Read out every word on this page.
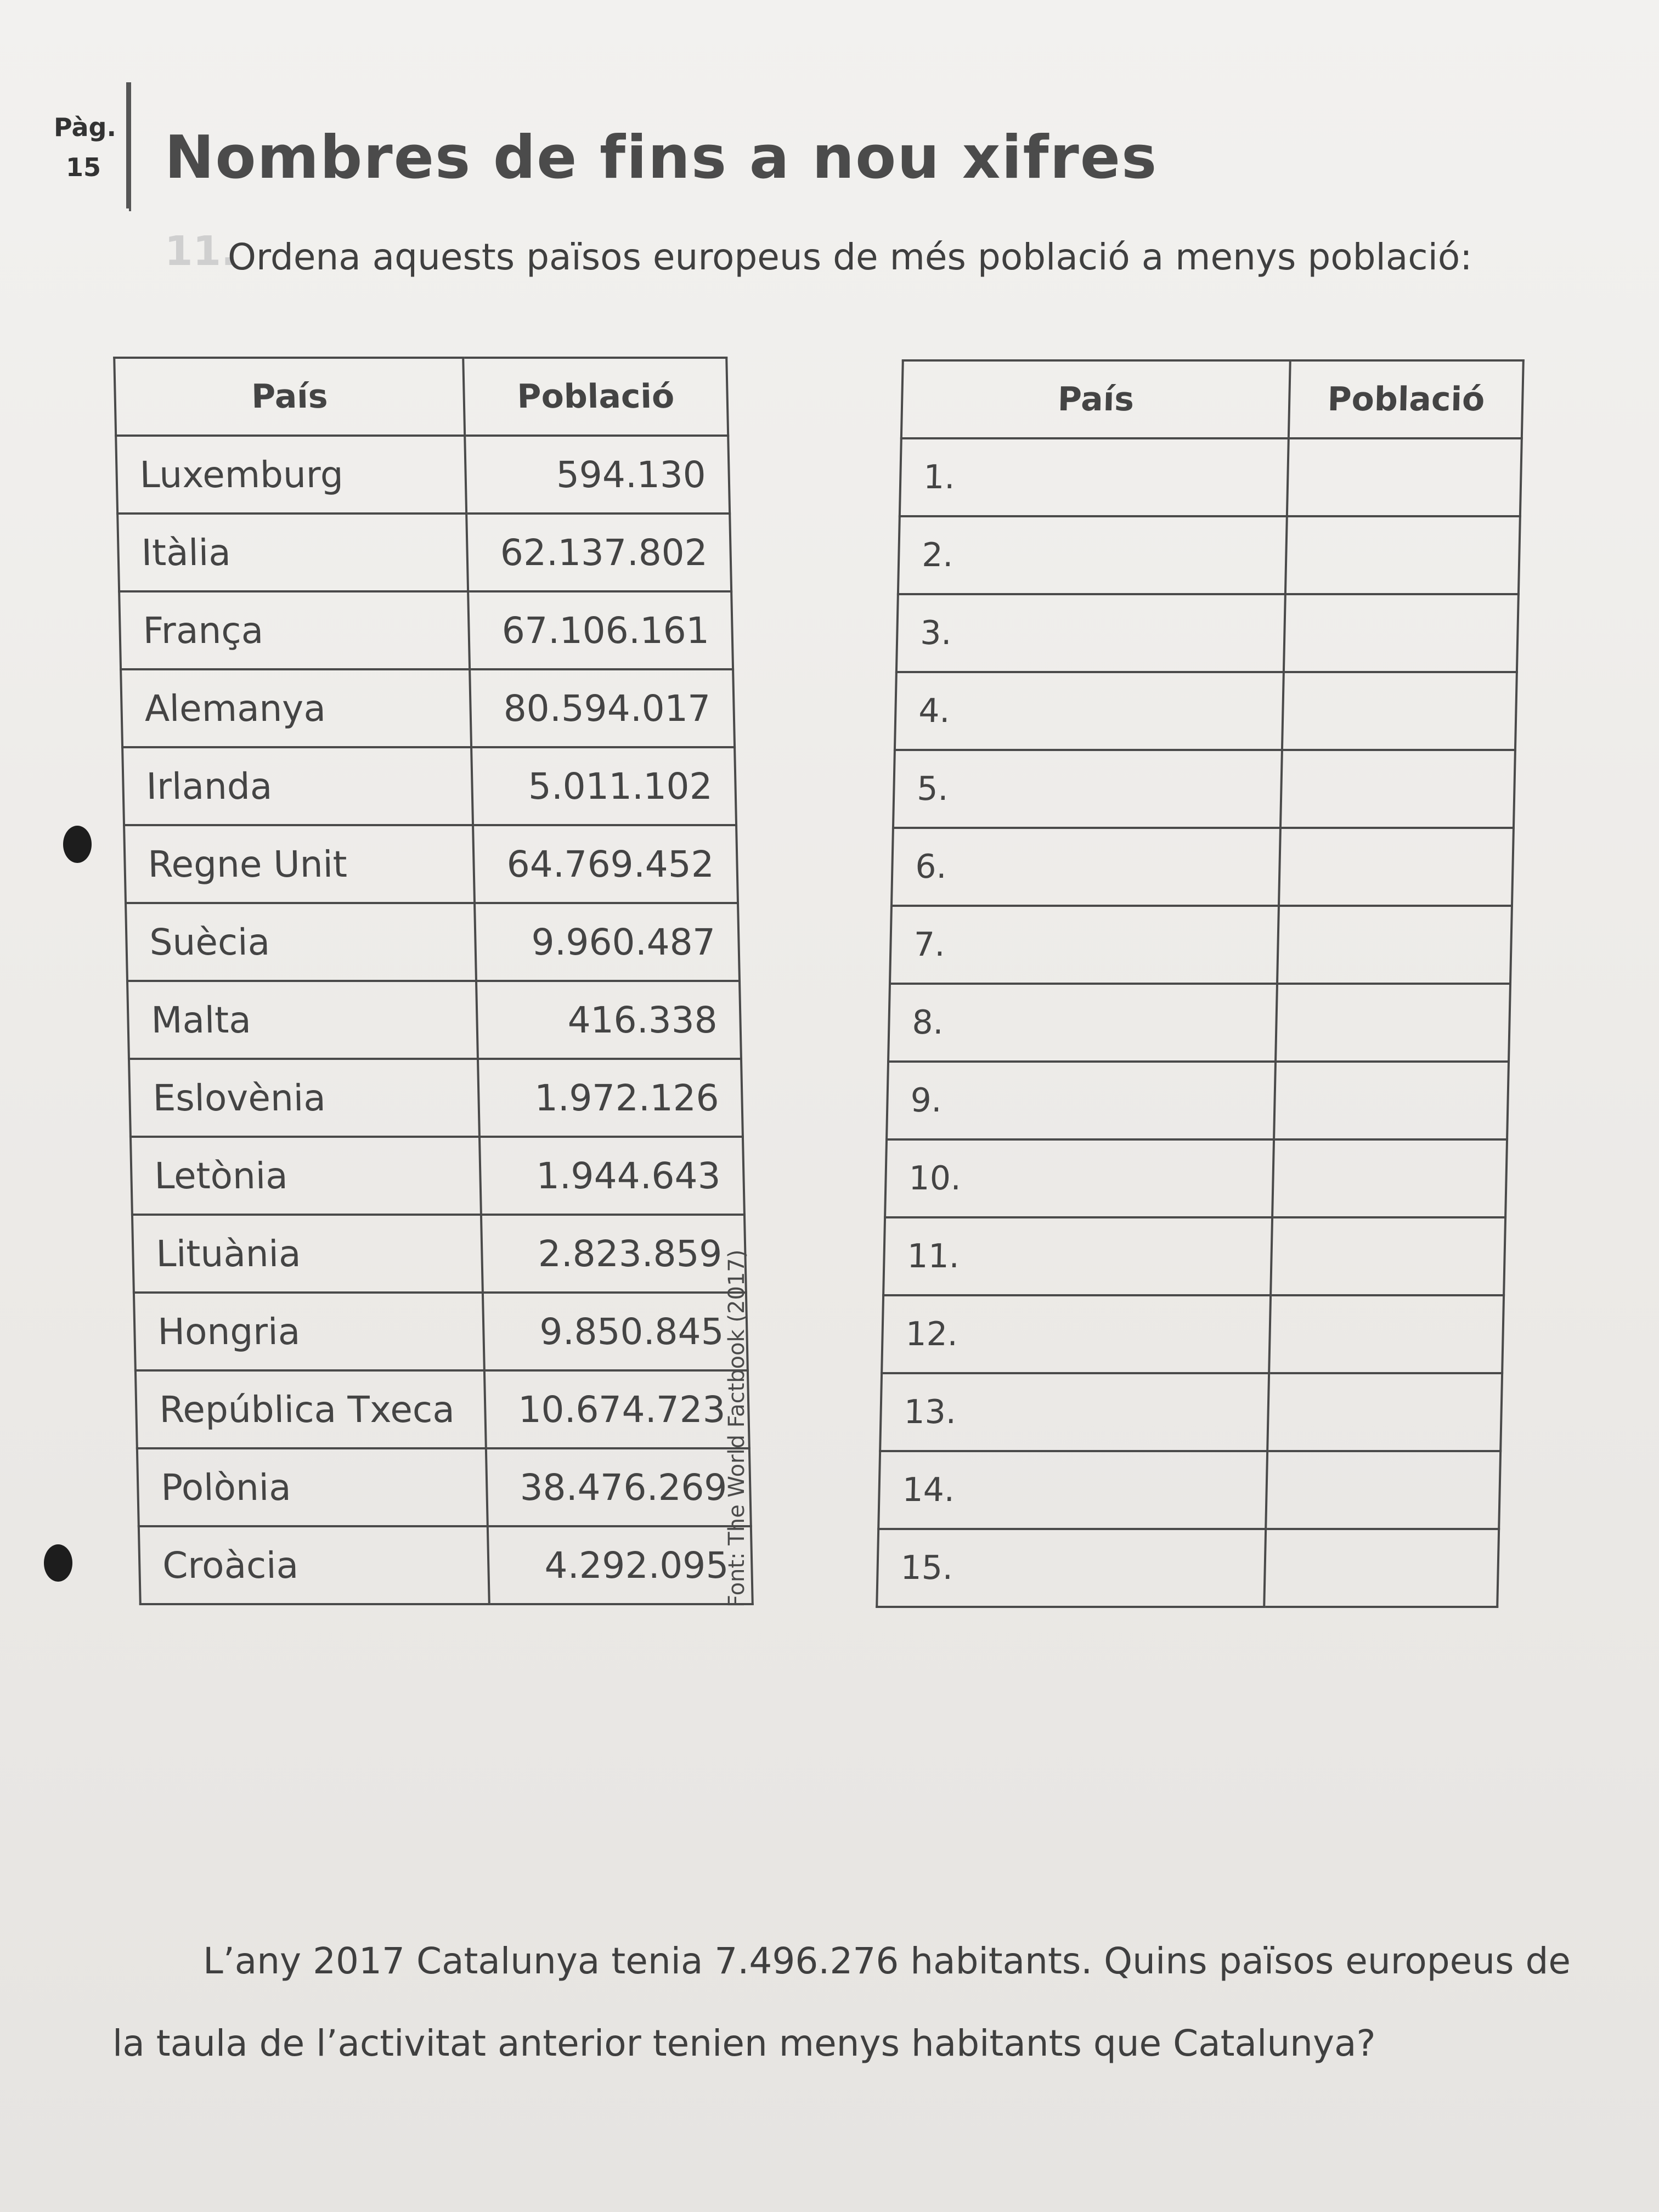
Pàg.
15 Nombres de fins a nou xifres
11.
Ordena aquests països europeus de més població a menys població:
País	Població
Luxemburg	594.130
Itàlia	62.137.802
França	67.106.161
Alemanya	80.594.017
Irlanda	5.011.102
Regne Unit	64.769.452
Suècia	9.960.487
Malta	416.338
Eslovènia	1.972.126
Letònia	1.944.643
Lituània	2.823.859
Hongria	9.850.845
República Txeca	10.674.723
Polònia	38.476.269
Croàcia	4.292.095
Font: The World Factbook (2017)
País	Població
1.	
2.	
3.	
4.	
5.	
6.	
7.	
8.	
9.	
10.	
11.	
12.	
13.	
14.	
15.	
L’any 2017 Catalunya tenia 7.496.276 habitants. Quins països europeus de la taula de l’activitat anterior tenien menys habitants que Catalunya?
